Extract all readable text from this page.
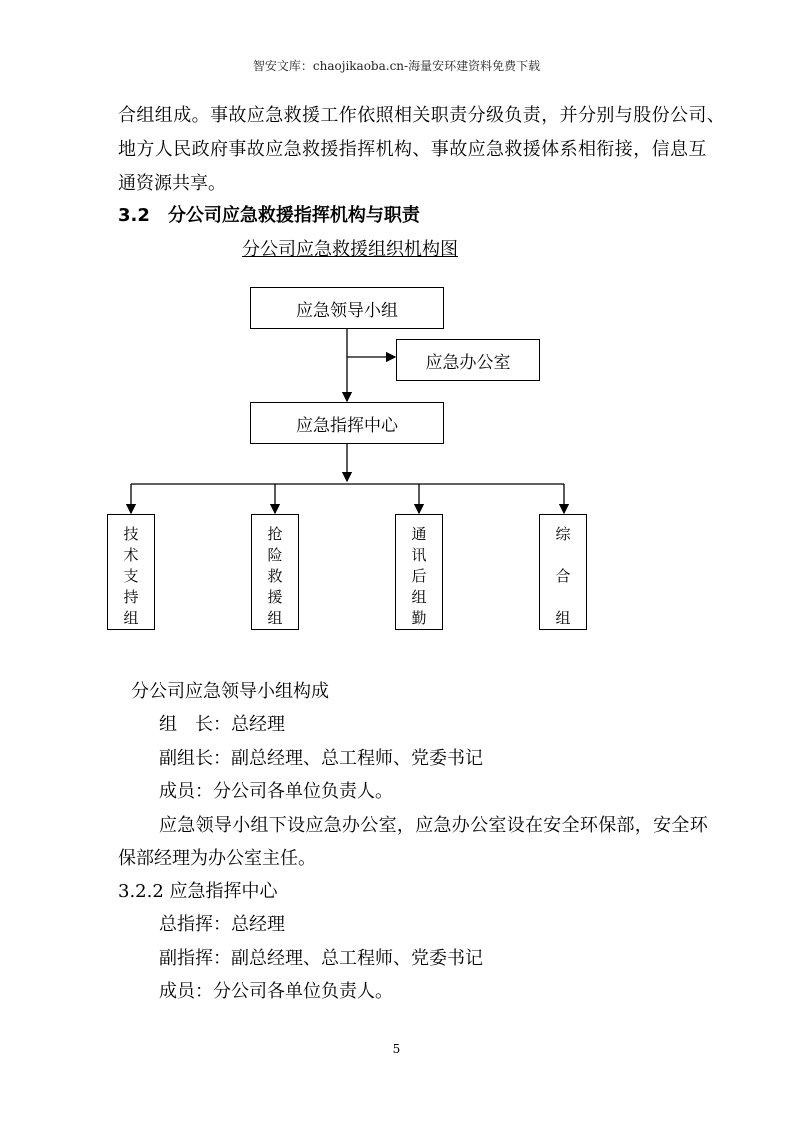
智安文库：chaojikaoba.cn-海量安环建资料免费下载
合组组成。事故应急救援工作依照相关职责分级负责，并分别与股份公司、
地方人民政府事故应急救援指挥机构、事故应急救援体系相衔接，信息互
通资源共享。
3.2　分公司应急救援指挥机构与职责
分公司应急救援组织机构图
应急领导小组
应急办公室
应急指挥中心
技
术
支
持
组
抢
险
救
援
组
通
讯
后
组
勤
综
合
组
分公司应急领导小组构成
组　长：总经理
副组长：副总经理、总工程师、党委书记
成员：分公司各单位负责人。
应急领导小组下设应急办公室，应急办公室设在安全环保部，安全环
保部经理为办公室主任。
3.2.2 应急指挥中心
总指挥：总经理
副指挥：副总经理、总工程师、党委书记
成员：分公司各单位负责人。
5
